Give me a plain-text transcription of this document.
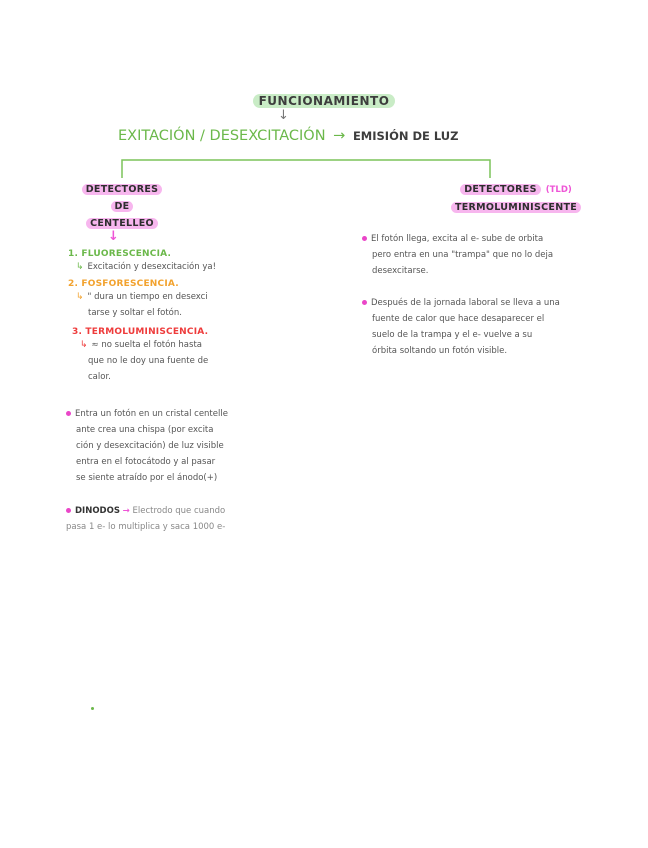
FUNCIONAMIENTO
↓
EXITACIÓN / DESEXCITACIÓN → EMISIÓN DE LUZ
DETECTORES
DE
CENTELLEO
↓
1. FLUORESCENCIA.
↳ Excitación y desexcitación ya!
2. FOSFORESCENCIA.
↳ " dura un tiempo en desexci
tarse y soltar el fotón.
3. TERMOLUMINISCENCIA.
↳ ≈ no suelta el fotón hasta
que no le doy una fuente de
calor.
Entra un fotón en un cristal centelle
ante crea una chispa (por excita
ción y desexcitación) de luz visible
entra en el fotocátodo y al pasar
se siente atraído por el ánodo(+)
DINODOS → Electrodo que cuando
pasa 1 e- lo multiplica y saca 1000 e-
DETECTORES (TLD)
TERMOLUMINISCENTE
El fotón llega, excita al e- sube de orbita
pero entra en una "trampa" que no lo deja
desexcitarse.
Después de la jornada laboral se lleva a una
fuente de calor que hace desaparecer el
suelo de la trampa y el e- vuelve a su
órbita soltando un fotón visible.
